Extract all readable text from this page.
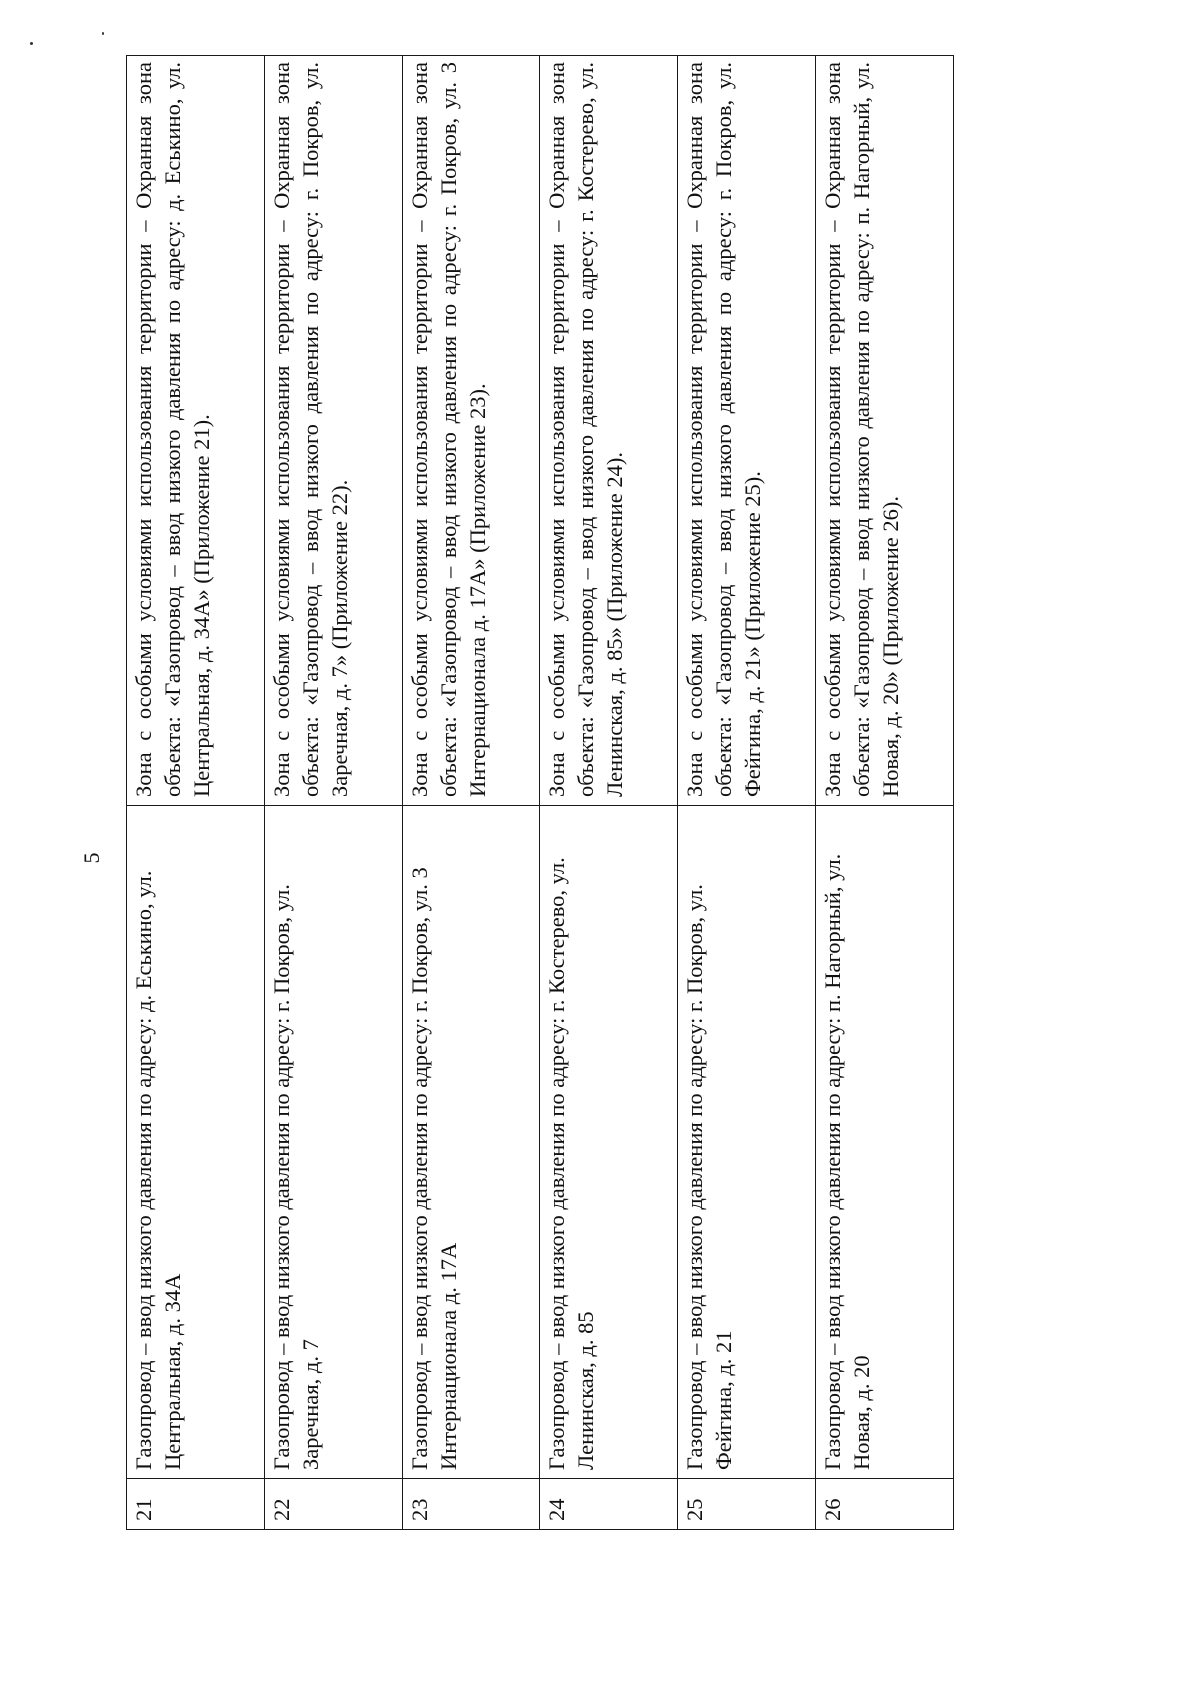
5
21	Газопровод – ввод низкого давления по адресу: д. Еськино, ул. Центральная, д. 34А	Зона с особыми условиями использования территории – Охранная зона объекта: «Газопровод – ввод низкого давления по адресу: д. Еськино, ул. Центральная, д. 34А» (Приложение 21).
22	Газопровод – ввод низкого давления по адресу: г. Покров, ул. Заречная, д. 7	Зона с особыми условиями использования территории – Охранная зона объекта: «Газопровод – ввод низкого давления по адресу: г. Покров, ул. Заречная, д. 7» (Приложение 22).
23	Газопровод – ввод низкого давления по адресу: г. Покров, ул. 3 Интернационала д. 17А	Зона с особыми условиями использования территории – Охранная зона объекта: «Газопровод – ввод низкого давления по адресу: г. Покров, ул. 3 Интернационала д. 17А» (Приложение 23).
24	Газопровод – ввод низкого давления по адресу: г. Костерево, ул. Ленинская, д. 85	Зона с особыми условиями использования территории – Охранная зона объекта: «Газопровод – ввод низкого давления по адресу: г. Костерево, ул. Ленинская, д. 85» (Приложение 24).
25	Газопровод – ввод низкого давления по адресу: г. Покров, ул. Фейгина, д. 21	Зона с особыми условиями использования территории – Охранная зона объекта: «Газопровод – ввод низкого давления по адресу: г. Покров, ул. Фейгина, д. 21» (Приложение 25).
26	Газопровод – ввод низкого давления по адресу: п. Нагорный, ул. Новая, д. 20	Зона с особыми условиями использования территории – Охранная зона объекта: «Газопровод – ввод низкого давления по адресу: п. Нагорный, ул. Новая, д. 20» (Приложение 26).
